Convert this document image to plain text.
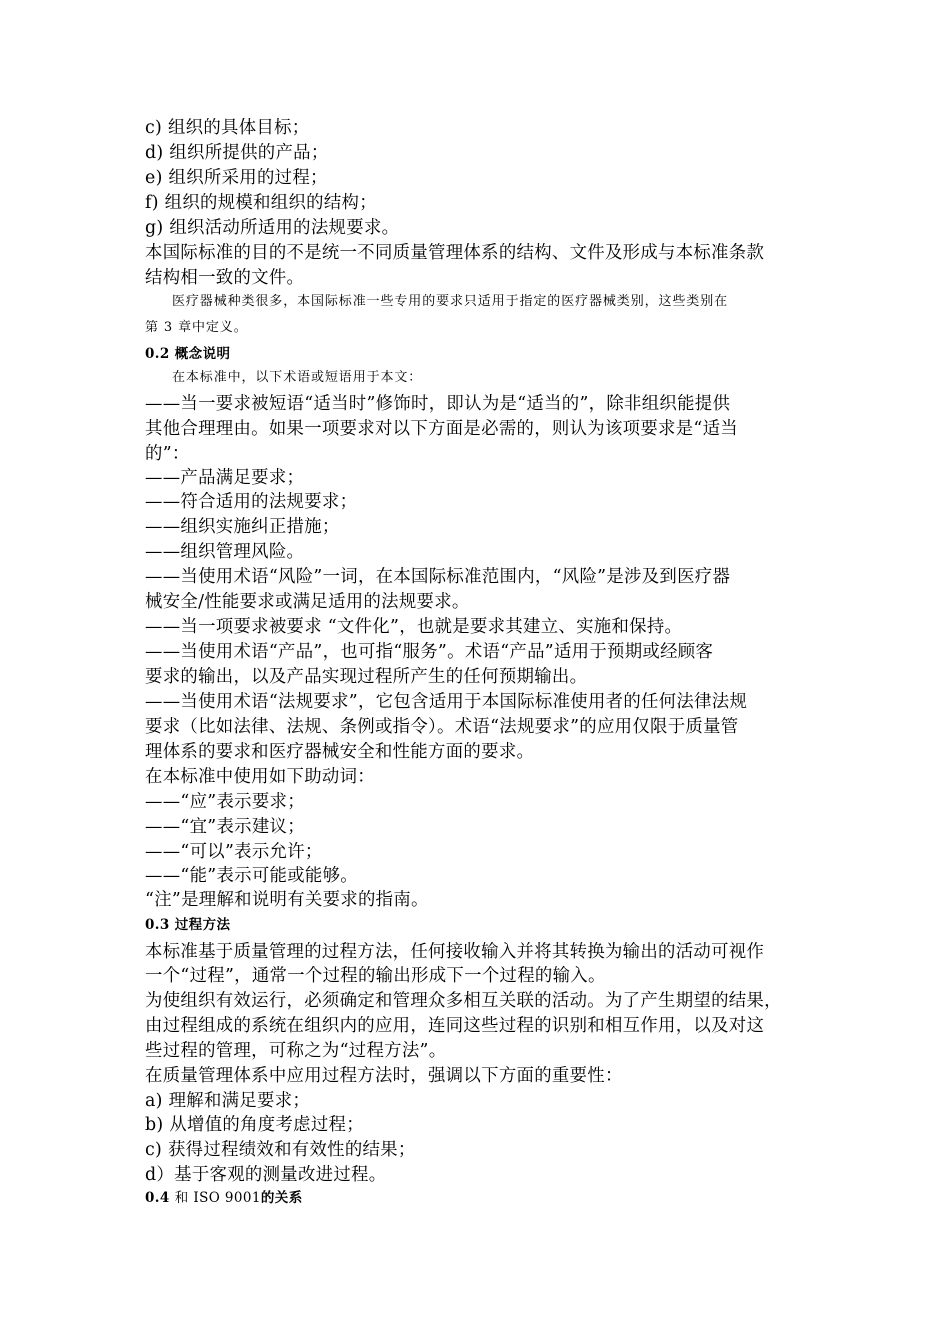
c) 组织的具体目标；
d) 组织所提供的产品；
e) 组织所采用的过程；
f) 组织的规模和组织的结构；
g) 组织活动所适用的法规要求。
本国际标准的目的不是统一不同质量管理体系的结构、文件及形成与本标准条款
结构相一致的文件。
医疗器械种类很多，本国际标准一些专用的要求只适用于指定的医疗器械类别，这些类别在
第 3 章中定义。
0.2 概念说明
在本标准中，以下术语或短语用于本文：
——当一要求被短语“适当时”修饰时，即认为是“适当的”，除非组织能提供
其他合理理由。如果一项要求对以下方面是必需的，则认为该项要求是“适当
的”：
——产品满足要求；
——符合适用的法规要求；
——组织实施纠正措施；
——组织管理风险。
——当使用术语“风险”一词，在本国际标准范围内，“风险”是涉及到医疗器
械安全/性能要求或满足适用的法规要求。
——当一项要求被要求 “文件化”，也就是要求其建立、实施和保持。
——当使用术语“产品”，也可指“服务”。术语“产品”适用于预期或经顾客
要求的输出，以及产品实现过程所产生的任何预期输出。
——当使用术语“法规要求”，它包含适用于本国际标准使用者的任何法律法规
要求（比如法律、法规、条例或指令）。术语“法规要求”的应用仅限于质量管
理体系的要求和医疗器械安全和性能方面的要求。
在本标准中使用如下助动词：
——“应”表示要求；
——“宜”表示建议；
——“可以”表示允许；
——“能”表示可能或能够。
“注”是理解和说明有关要求的指南。
0.3 过程方法
本标准基于质量管理的过程方法，任何接收输入并将其转换为输出的活动可视作
一个“过程”，通常一个过程的输出形成下一个过程的输入。
为使组织有效运行，必须确定和管理众多相互关联的活动。为了产生期望的结果，
由过程组成的系统在组织内的应用，连同这些过程的识别和相互作用，以及对这
些过程的管理，可称之为“过程方法”。
在质量管理体系中应用过程方法时，强调以下方面的重要性：
a) 理解和满足要求；
b) 从增值的角度考虑过程；
c) 获得过程绩效和有效性的结果；
d）基于客观的测量改进过程。
0.4 和 ISO 9001的关系
